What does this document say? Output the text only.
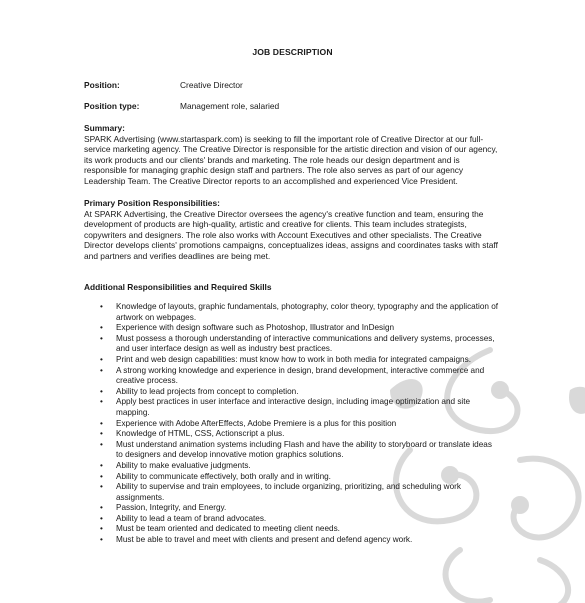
JOB DESCRIPTION
Position:	Creative Director
Position type:	Management role, salaried
Summary:
SPARK Advertising (www.startaspark.com) is seeking to fill the important role of Creative Director at our full-service marketing agency. The Creative Director is responsible for the artistic direction and vision of our agency, its work products and our clients' brands and marketing. The role heads our design department and is responsible for managing graphic design staff and partners. The role also serves as part of our agency Leadership Team. The Creative Director reports to an accomplished and experienced Vice President.
Primary Position Responsibilities:
At SPARK Advertising, the Creative Director oversees the agency's creative function and team, ensuring the development of products are high-quality, artistic and creative for clients. This team includes strategists, copywriters and designers. The role also works with Account Executives and other specialists. The Creative Director develops clients' promotions campaigns, conceptualizes ideas, assigns and coordinates tasks with staff and partners and verifies deadlines are being met.
Additional Responsibilities and Required Skills
• Knowledge of layouts, graphic fundamentals, photography, color theory, typography and the application of artwork on webpages.
• Experience with design software such as Photoshop, Illustrator and InDesign
• Must possess a thorough understanding of interactive communications and delivery systems, processes, and user interface design as well as industry best practices.
• Print and web design capabilities: must know how to work in both media for integrated campaigns.
• A strong working knowledge and experience in design, brand development, interactive commerce and creative process.
• Ability to lead projects from concept to completion.
• Apply best practices in user interface and interactive design, including image optimization and site mapping.
• Experience with Adobe AfterEffects, Adobe Premiere is a plus for this position
• Knowledge of HTML, CSS, Actionscript a plus.
• Must understand animation systems including Flash and have the ability to storyboard or translate ideas to designers and develop innovative motion graphics solutions.
• Ability to make evaluative judgments.
• Ability to communicate effectively, both orally and in writing.
• Ability to supervise and train employees, to include organizing, prioritizing, and scheduling work assignments.
• Passion, Integrity, and Energy.
• Ability to lead a team of brand advocates.
• Must be team oriented and dedicated to meeting client needs.
• Must be able to travel and meet with clients and present and defend agency work.
